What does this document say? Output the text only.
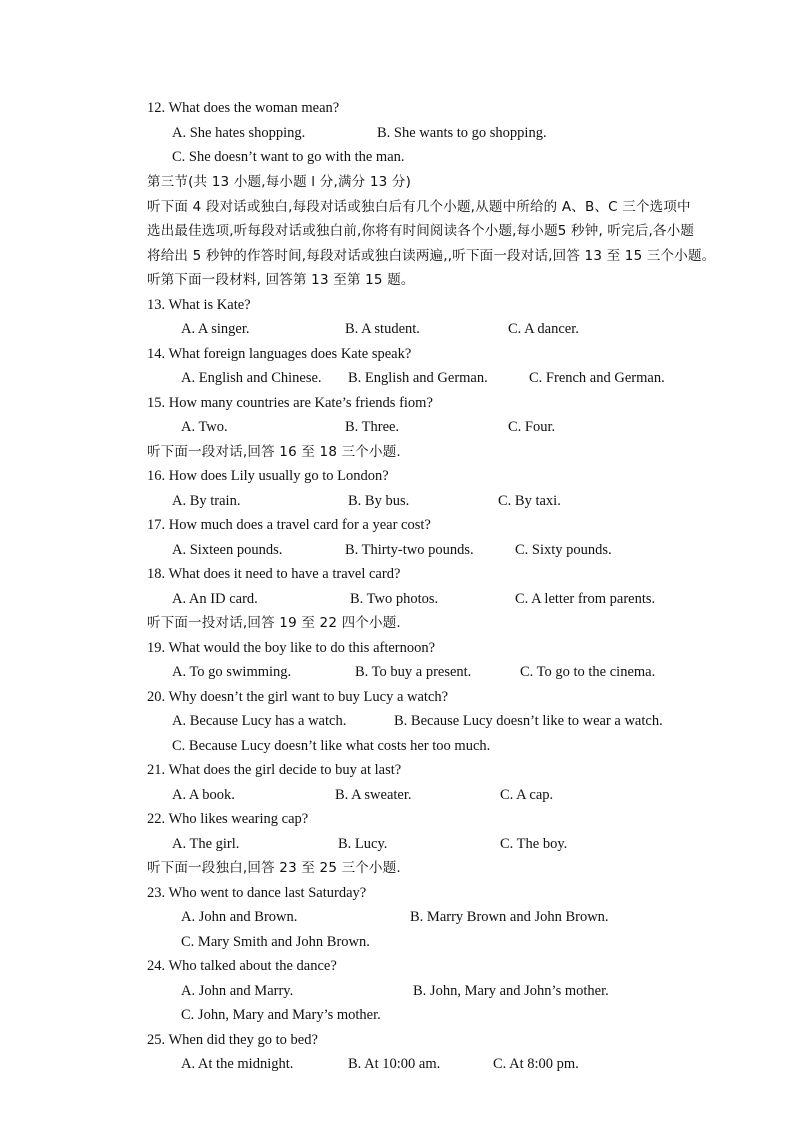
12. What does the woman mean?
A. She hates shopping.	B. She wants to go shopping.
C. She doesn’t want to go with the man.
第三节(共 13 小题,每小题 l 分,满分 13 分)
听下面 4 段对话或独白,每段对话或独白后有几个小题,从题中所给的 A、B、C 三个选项中
选出最佳选项,听每段对话或独白前,你将有时间阅读各个小题,每小题5 秒钟, 听完后,各小题
将给出 5 秒钟的作答时间,每段对话或独白读两遍,,听下面一段对话,回答 13 至 15 三个小题。
听第下面一段材料, 回答第 13 至第 15 题。
13. What is Kate?
A. A singer.	B. A student.	C. A dancer.
14. What foreign languages does Kate speak?
A. English and Chinese. B. English and German.	C. French and German.
15. How many countries are Kate’s friends fiom?
A. Two.	B. Three.	C. Four.
听下面一段对话,回答 16 至 18 三个小题.
16. How does Lily usually go to London?
A. By train.	B. By bus.	C. By taxi.
17. How much does a travel card for a year cost?
A. Sixteen pounds.	B. Thirty-two pounds.	C. Sixty pounds.
18. What does it need to have a travel card?
A. An ID card.	B. Two photos.	C. A letter from parents.
听下面一投对话,回答 19 至 22 四个小题.
19. What would the boy like to do this afternoon?
A. To go swimming.	B. To buy a present.	C. To go to the cinema.
20. Why doesn’t the girl want to buy Lucy a watch?
A. Because Lucy has a watch.	B. Because Lucy doesn’t like to wear a watch.
C. Because Lucy doesn’t like what costs her too much.
21. What does the girl decide to buy at last?
A. A book.	B. A sweater.	C. A cap.
22. Who likes wearing cap?
A. The girl.	B. Lucy.	C. The boy.
听下面一段独白,回答 23 至 25 三个小题.
23. Who went to dance last Saturday?
A. John and Brown.	B. Marry Brown and John Brown.
C. Mary Smith and John Brown.
24. Who talked about the dance?
A. John and Marry.	B. John, Mary and John’s mother.
C. John, Mary and Mary’s mother.
25. When did they go to bed?
A. At the midnight.	B. At 10:00 am.	C. At 8:00 pm.
